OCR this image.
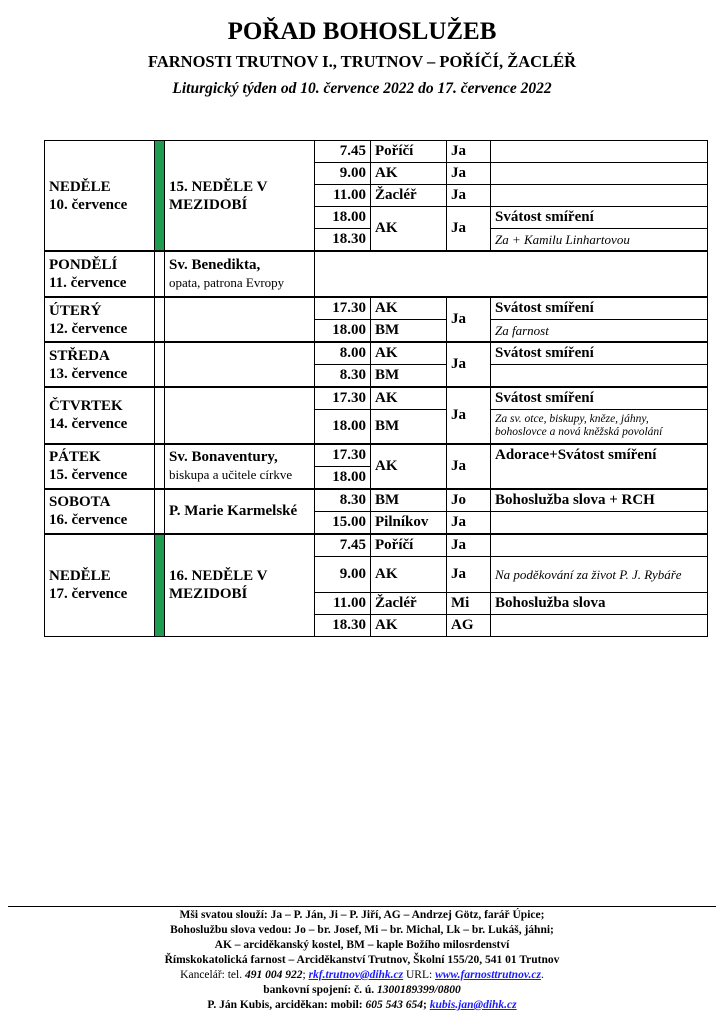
POŘAD BOHOSLUŽEB
FARNOSTI TRUTNOV I., TRUTNOV – POŘÍČÍ, ŽACLÉŘ
Liturgický týden od 10. července 2022 do 17. července 2022
NEDĚLE
10. července		15. NEDĚLE V MEZIDOBÍ	7.45	Poříčí	Ja	
			9.00	AK	Ja	
			11.00	Žacléř	Ja	
			18.00	AK	Ja	Svátost smíření
			18.30			Za + Kamilu Linhartovou
PONDĚLÍ
11. července		Sv. Benedikta,
opata, patrona Evropy				

ÚTERÝ
12. července			17.30	AK	Ja	Svátost smíření
			18.00	BM		Za farnost
STŘEDA
13. července			8.00	AK	Ja	Svátost smíření
			8.30	BM		
ČTVRTEK
14. července			17.30	AK	Ja	Svátost smíření
			18.00	BM		Za sv. otce, biskupy, kněze, jáhny, bohoslovce a nová kněžská povolání
PÁTEK
15. července		Sv. Bonaventury,
biskupa a učitele církve	17.30	AK	Ja	Adorace+Svátost smíření
			18.00			
SOBOTA
16. července		P. Marie Karmelské	8.30	BM	Jo	Bohoslužba slova + RCH
			15.00	Pilníkov	Ja	
NEDĚLE
17. července		16. NEDĚLE V MEZIDOBÍ	7.45	Poříčí	Ja	
			9.00	AK	Ja	Na poděkování za život P. J. Rybáře
			11.00	Žacléř	Mi	Bohoslužba slova
			18.30	AK	AG	
Mši svatou slouží: Ja – P. Ján, Ji – P. Jiří, AG – Andrzej Götz, farář Úpice;
Bohoslužbu slova vedou: Jo – br. Josef, Mi – br. Michal, Lk – br. Lukáš, jáhni;
AK – arciděkanský kostel, BM – kaple Božího milosrdenství
Římskokatolická farnost – Arciděkanství Trutnov, Školní 155/20, 541 01 Trutnov
Kancelář: tel. 491 004 922; rkf.trutnov@dihk.cz URL: www.farnosttrutnov.cz.
bankovní spojení: č. ú. 1300189399/0800
P. Ján Kubis, arciděkan: mobil: 605 543 654; kubis.jan@dihk.cz
